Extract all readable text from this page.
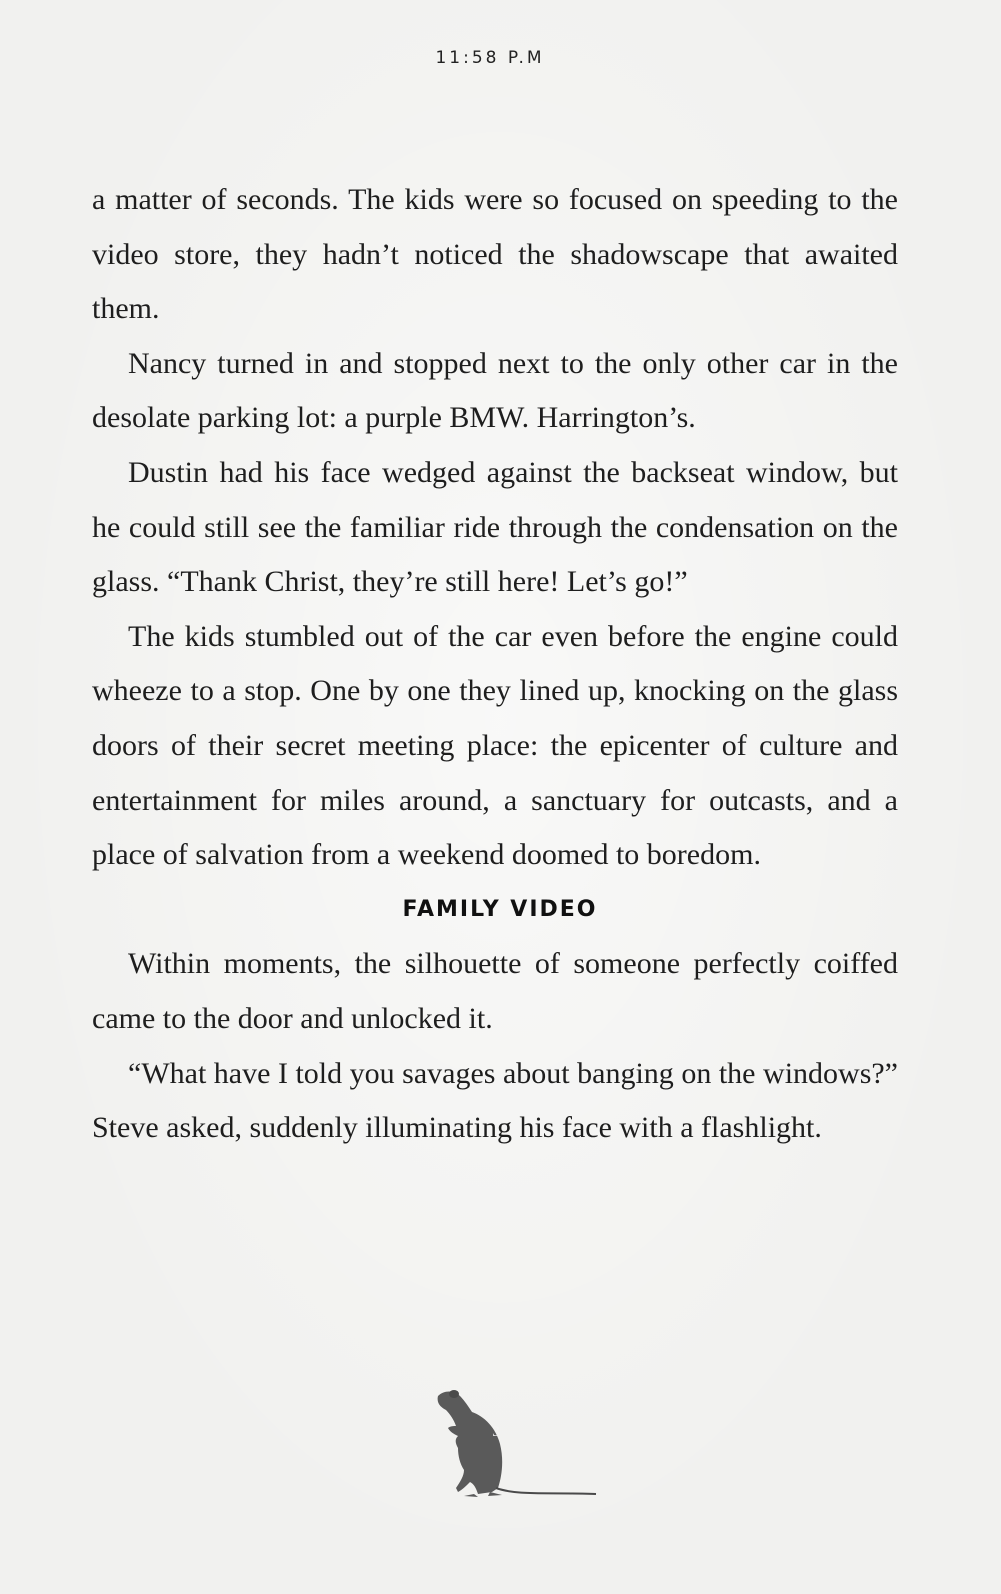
11:58 P.M

a matter of seconds. The kids were so focused on speeding to the video store, they hadn’t noticed the shadowscape that awaited them.

Nancy turned in and stopped next to the only other car in the desolate parking lot: a purple BMW. Harrington’s.

Dustin had his face wedged against the backseat window, but he could still see the familiar ride through the condensation on the glass. “Thank Christ, they’re still here! Let’s go!”

The kids stumbled out of the car even before the engine could wheeze to a stop. One by one they lined up, knocking on the glass doors of their secret meeting place: the epicenter of culture and entertainment for miles around, a sanctuary for outcasts, and a place of salvation from a weekend doomed to boredom.

FAMILY VIDEO

Within moments, the silhouette of someone perfectly coiffed came to the door and unlocked it.

“What have I told you savages about banging on the windows?” Steve asked, suddenly illuminating his face with a flashlight.

3
